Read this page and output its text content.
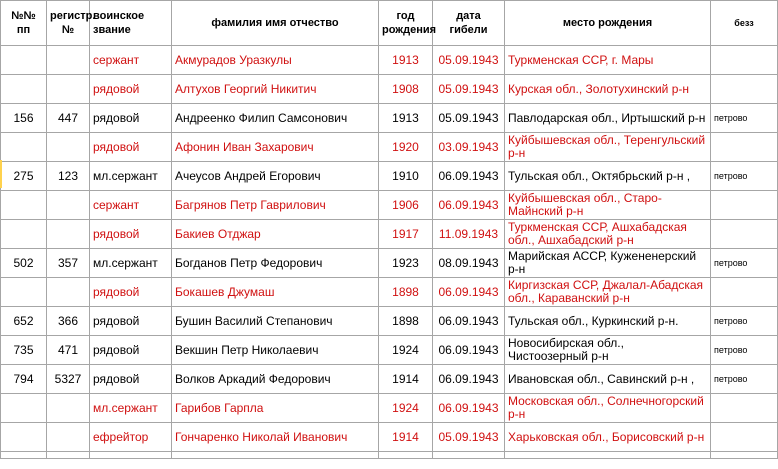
№№ пп	регистр. №	воинское звание	фамилия имя отчество	год рождения	дата гибели	место рождения	безз
		сержант	Акмурадов Уразкулы	1913	05.09.1943	Туркменская ССР, г. Мары	
		рядовой	Алтухов Георгий Никитич	1908	05.09.1943	Курская обл., Золотухинский р-н	
156	447	рядовой	Андреенко Филип Самсонович	1913	05.09.1943	Павлодарская обл., Иртышский р-н	петрово
		рядовой	Афонин Иван Захарович	1920	03.09.1943	Куйбышевская обл., Теренгульский р-н	
275	123	мл.сержант	Ачеусов Андрей Егорович	1910	06.09.1943	Тульская обл., Октябрьский р-н ,	петрово
		сержант	Багрянов Петр Гаврилович	1906	06.09.1943	Куйбышевская обл., Старо-Майнский р-н	
		рядовой	Бакиев Отджар	1917	11.09.1943	Туркменская ССР, Ашхабадская обл., Ашхабадский р-н	
502	357	мл.сержант	Богданов Петр Федорович	1923	08.09.1943	Марийская АССР, Кужененерский р-н	петрово
		рядовой	Бокашев Джумаш	1898	06.09.1943	Киргизская ССР, Джалал-Абадская обл., Караванский р-н	
652	366	рядовой	Бушин Василий Степанович	1898	06.09.1943	Тульская обл., Куркинский р-н.	петрово
735	471	рядовой	Векшин Петр Николаевич	1924	06.09.1943	Новосибирская обл., Чистоозерный р-н	петрово
794	5327	рядовой	Волков Аркадий Федорович	1914	06.09.1943	Ивановская обл., Савинский р-н ,	петрово
		мл.сержант	Гарибов Гарпла	1924	06.09.1943	Московская обл., Солнечногорский р-н	
		ефрейтор	Гончаренко Николай Иванович	1914	05.09.1943	Харьковская обл., Борисовский р-н	
